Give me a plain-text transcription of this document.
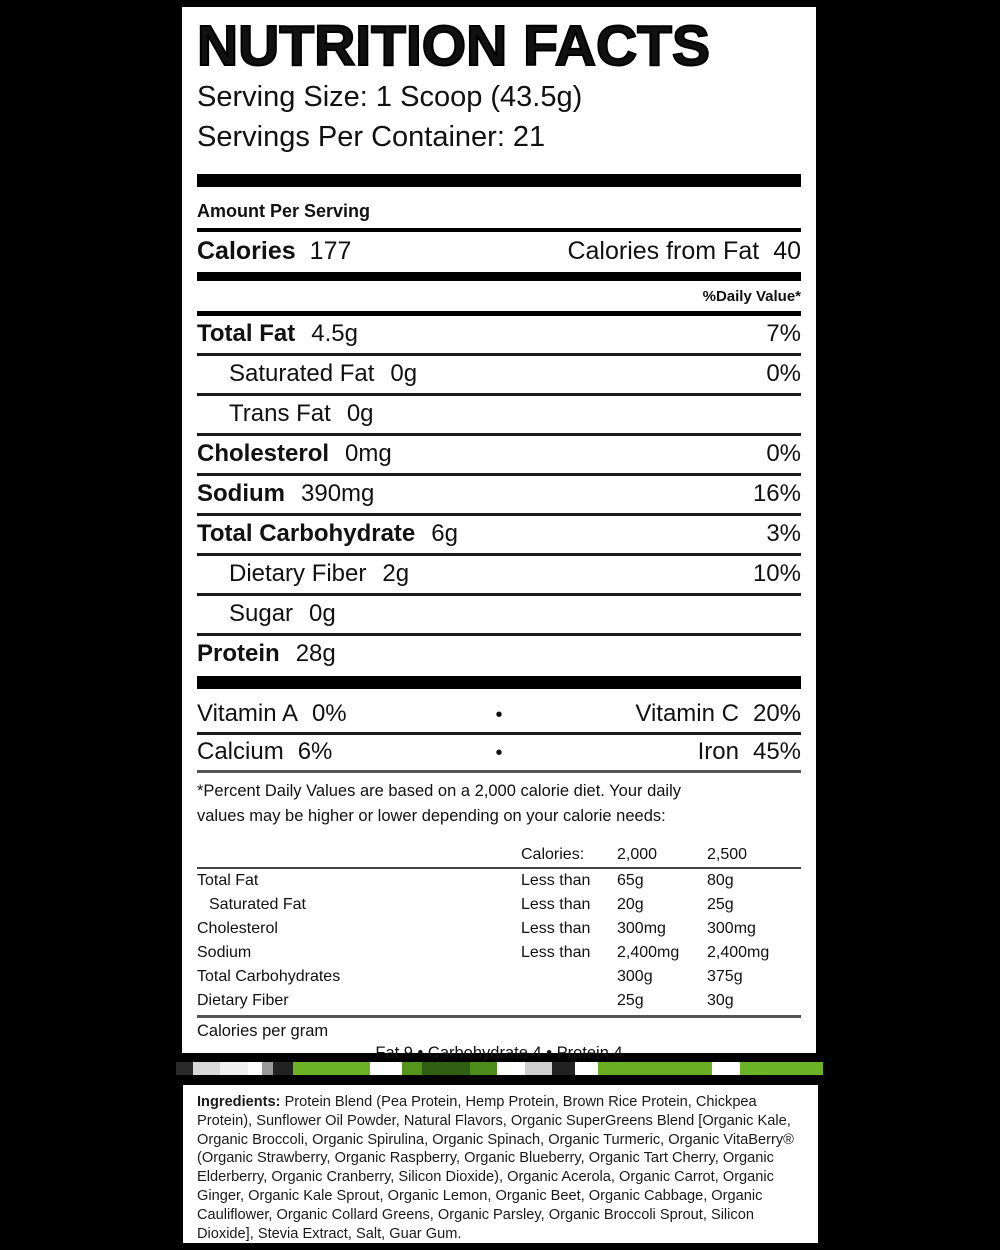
NUTRITION FACTS
Serving Size: 1 Scoop (43.5g)
Servings Per Container: 21
Amount Per Serving
Calories 177	Calories from Fat 40
%Daily Value*
Total Fat 4.5g	7%
Saturated Fat 0g	0%
Trans Fat 0g
Cholesterol 0mg	0%
Sodium 390mg	16%
Total Carbohydrate 6g	3%
Dietary Fiber 2g	10%
Sugar 0g
Protein 28g
Vitamin A 0%	•	Vitamin C 20%
Calcium 6%	•	Iron 45%
*Percent Daily Values are based on a 2,000 calorie diet. Your daily
values may be higher or lower depending on your calorie needs:
Calories:	2,000	2,500
Total Fat	Less than	65g	80g
Saturated Fat	Less than	20g	25g
Cholesterol	Less than	300mg	300mg
Sodium	Less than	2,400mg	2,400mg
Total Carbohydrates	300g	375g
Dietary Fiber	25g	30g
Calories per gram
Fat 9 • Carbohydrate 4 • Protein 4
Ingredients: Protein Blend (Pea Protein, Hemp Protein, Brown Rice Protein, Chickpea Protein), Sunflower Oil Powder, Natural Flavors, Organic SuperGreens Blend [Organic Kale, Organic Broccoli, Organic Spirulina, Organic Spinach, Organic Turmeric, Organic VitaBerry® (Organic Strawberry, Organic Raspberry, Organic Blueberry, Organic Tart Cherry, Organic Elderberry, Organic Cranberry, Silicon Dioxide), Organic Acerola, Organic Carrot, Organic Ginger, Organic Kale Sprout, Organic Lemon, Organic Beet, Organic Cabbage, Organic Cauliflower, Organic Collard Greens, Organic Parsley, Organic Broccoli Sprout, Silicon Dioxide], Stevia Extract, Salt, Guar Gum.
